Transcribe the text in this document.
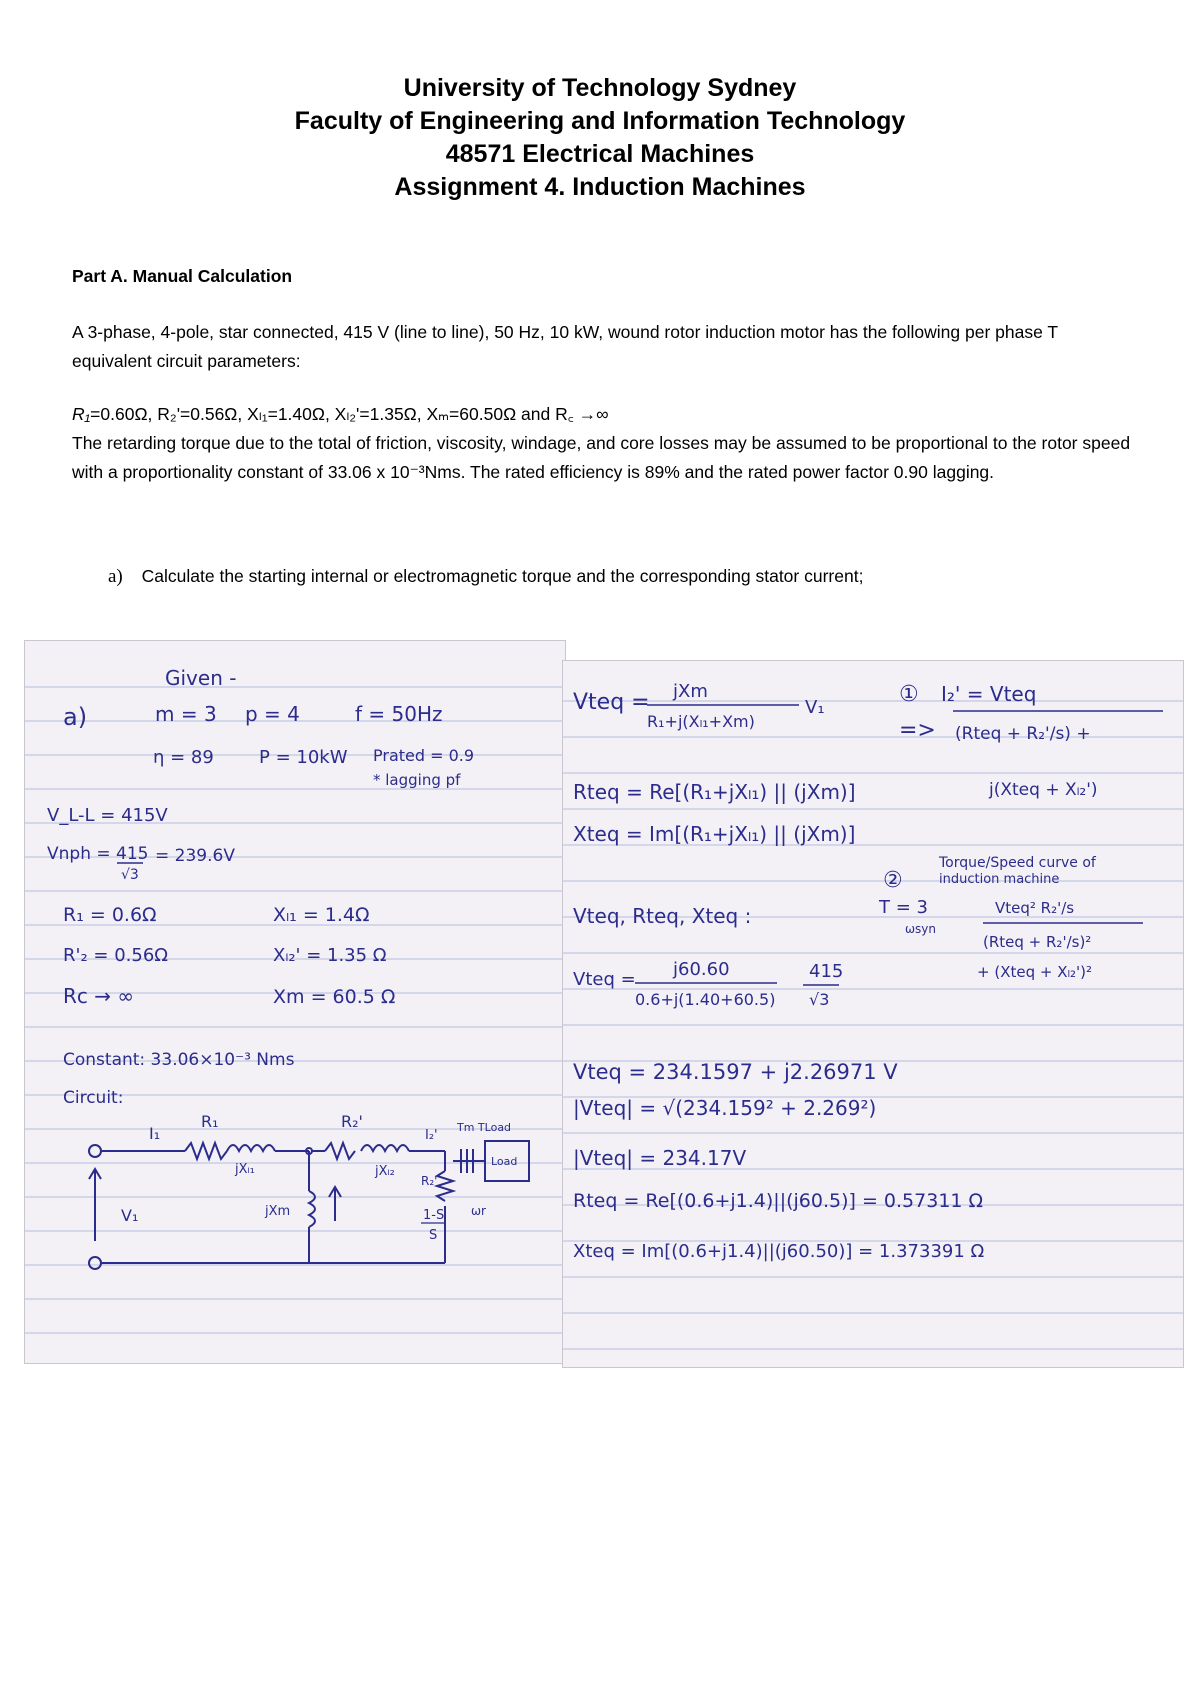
University of Technology Sydney
Faculty of Engineering and Information Technology
48571 Electrical Machines
Assignment 4. Induction Machines
Part A. Manual Calculation
A 3-phase, 4-pole, star connected, 415 V (line to line), 50 Hz, 10 kW, wound rotor induction motor has the following per phase T equivalent circuit parameters:
R₁=0.60Ω, R₂'=0.56Ω, Xₗ₁=1.40Ω, Xₗ₂'=1.35Ω, Xₘ=60.50Ω and R꜀ →∞
The retarding torque due to the total of friction, viscosity, windage, and core losses may be assumed to be proportional to the rotor speed with a proportionality constant of 33.06 x 10⁻³Nms. The rated efficiency is 89% and the rated power factor 0.90 lagging.
a) Calculate the starting internal or electromagnetic torque and the corresponding stator current;
Given -
a)	m = 3 p = 4	f = 50Hz
η = 89	P = 10kW Prated = 0.9
* lagging pf
V_L-L = 415V
Vnph = 415
√3
= 239.6V
R₁ = 0.6Ω	Xₗ₁ = 1.4Ω
R'₂ = 0.56Ω	Xₗ₂' = 1.35 Ω
Rc → ∞	Xm = 60.5 Ω
Constant: 33.06×10⁻³ Nms
Circuit:
I₁
R₁
jXₗ₁
R₂'
jXₗ₂
I₂'
jXm
R₂'
1-S
S
V₁
Load
Tm TLoad
ωr
Vteq = jXm
R₁+j(Xₗ₁+Xm)
V₁
① I₂' = Vteq
=> (Rteq + R₂'/s) +
j(Xteq + Xₗ₂')
Rteq = Re[(R₁+jXₗ₁) || (jXm)]
Xteq = Im[(R₁+jXₗ₁) || (jXm)]
Torque/Speed curve of
induction machine
②
T = 3
ωsyn
Vteq² R₂'/s
(Rteq + R₂'/s)²
+ (Xteq + Xₗ₂')²
Vteq, Rteq, Xteq :
Vteq = j60.60
0.6+j(1.40+60.5)
415
√3
Vteq = 234.1597 + j2.26971 V
|Vteq| = √(234.159² + 2.269²)
|Vteq| = 234.17V
Rteq = Re[(0.6+j1.4)||(j60.5)] = 0.57311 Ω
Xteq = Im[(0.6+j1.4)||(j60.50)] = 1.373391 Ω
